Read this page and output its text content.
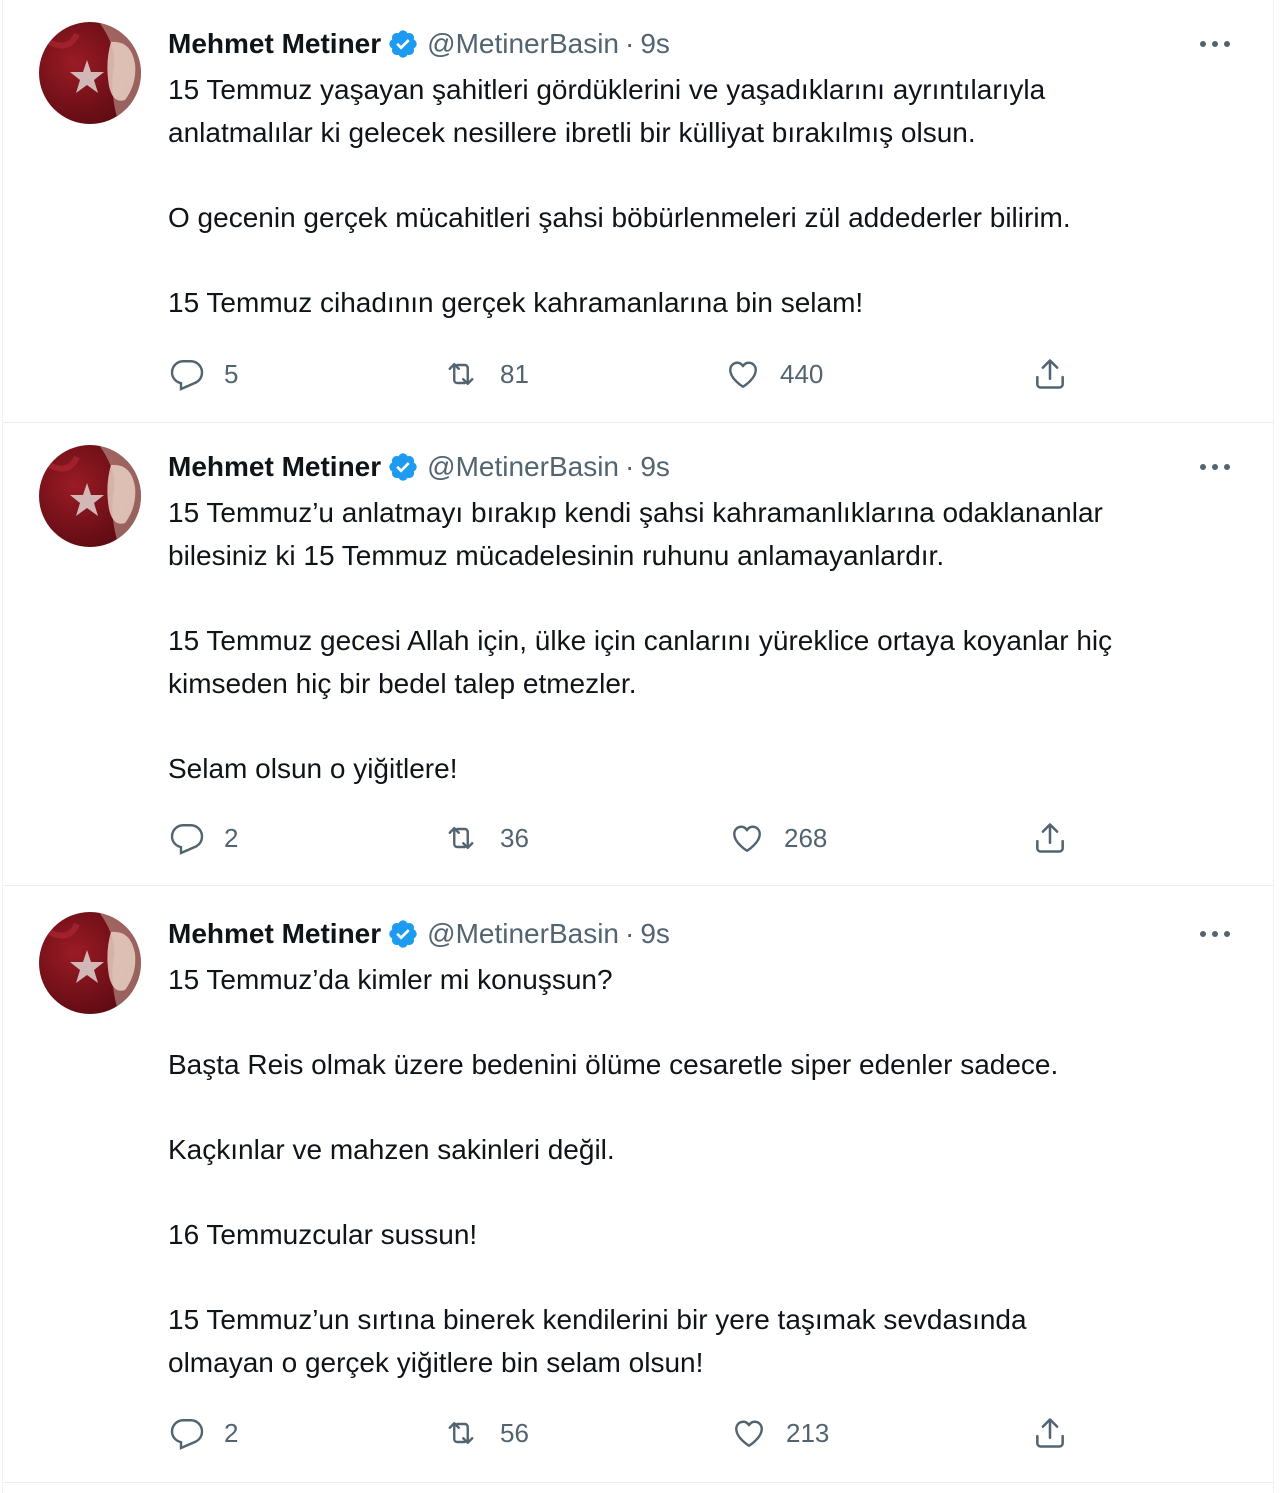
Mehmet Metiner @MetinerBasin · 9s

15 Temmuz yaşayan şahitleri gördüklerini ve yaşadıklarını ayrıntılarıyla
anlatmalılar ki gelecek nesillere ibretli bir külliyat bırakılmış olsun.

O gecenin gerçek mücahitleri şahsi böbürlenmeleri zül addederler bilirim.

15 Temmuz cihadının gerçek kahramanlarına bin selam!

5	81	440
Mehmet Metiner @MetinerBasin · 9s

15 Temmuz’u anlatmayı bırakıp kendi şahsi kahramanlıklarına odaklananlar
bilesiniz ki 15 Temmuz mücadelesinin ruhunu anlamayanlardır.

15 Temmuz gecesi Allah için, ülke için canlarını yüreklice ortaya koyanlar hiç
kimseden hiç bir bedel talep etmezler.

Selam olsun o yiğitlere!

2	36	268
Mehmet Metiner @MetinerBasin · 9s

15 Temmuz’da kimler mi konuşsun?

Başta Reis olmak üzere bedenini ölüme cesaretle siper edenler sadece.

Kaçkınlar ve mahzen sakinleri değil.

16 Temmuzcular sussun!

15 Temmuz’un sırtına binerek kendilerini bir yere taşımak sevdasında
olmayan o gerçek yiğitlere bin selam olsun!

2	56	213
